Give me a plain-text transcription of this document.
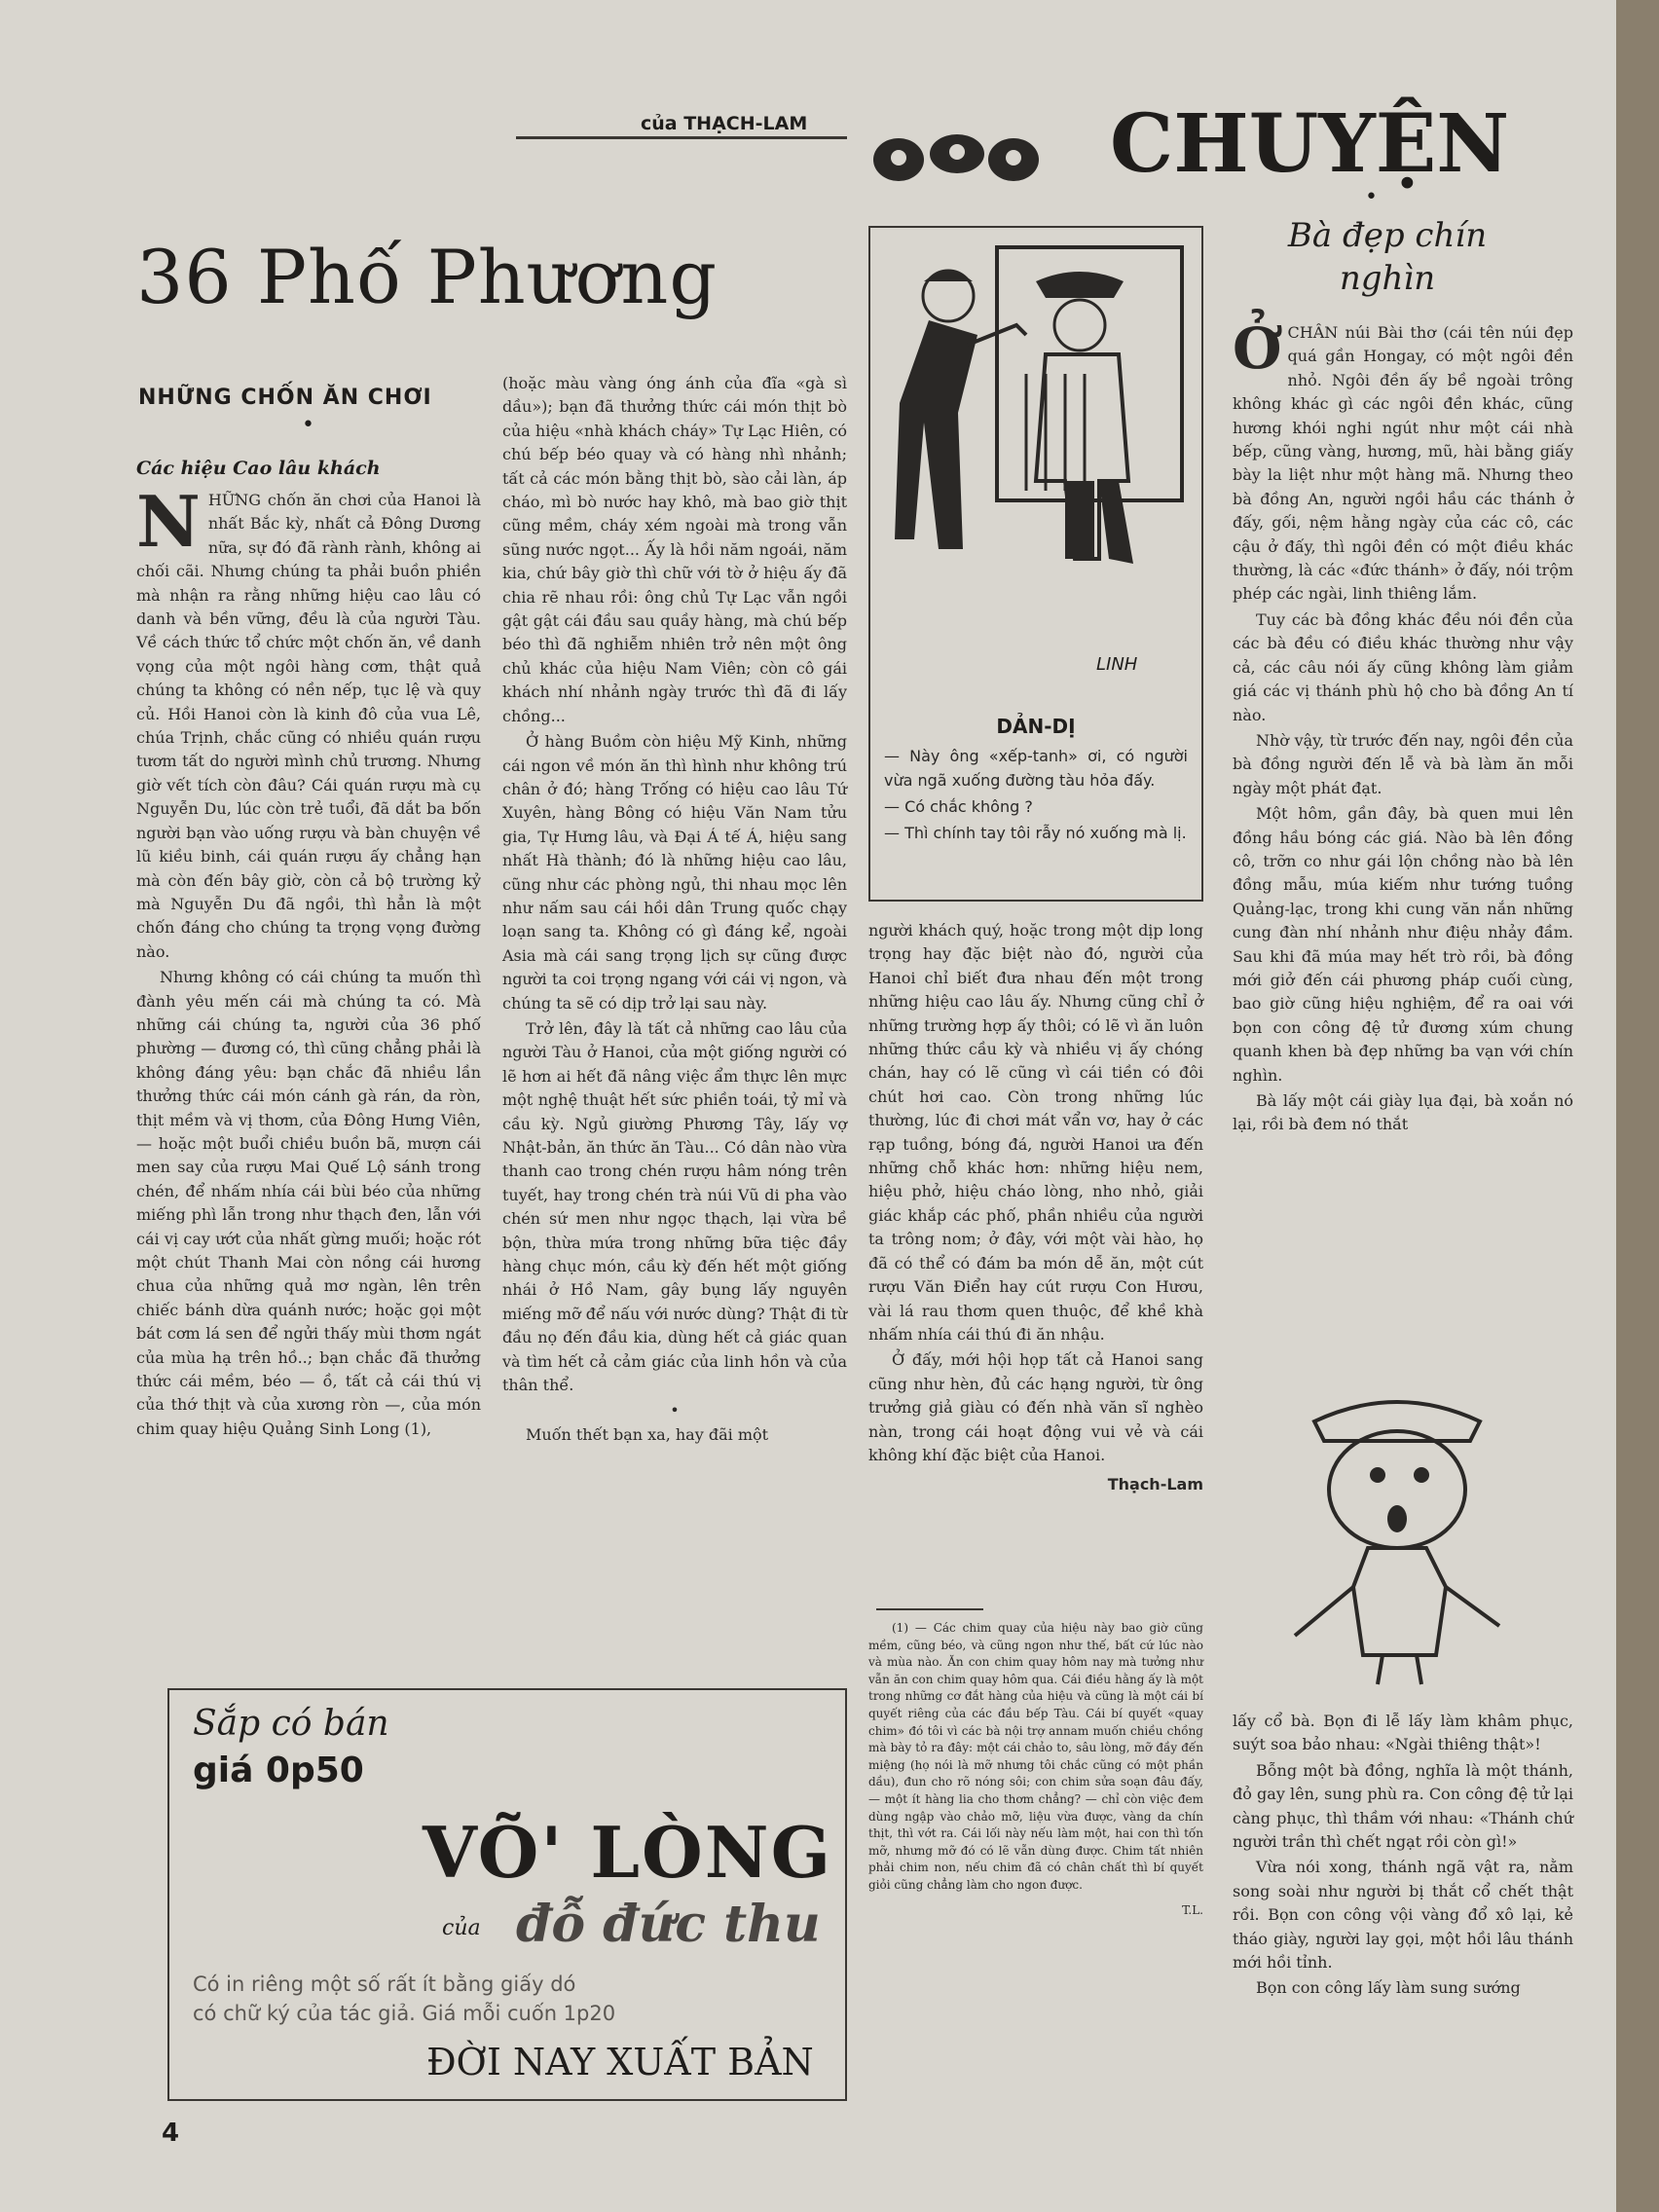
của THẠCH-LAM
36 Phố Phương
NHỮNG CHỐN ĂN CHƠI
•
Các hiệu Cao lâu khách
N HỮNG chốn ăn chơi của Hanoi là nhất Bắc kỳ, nhất cả Đông Dương nữa, sự đó đã rành rành, không ai chối cãi. Nhưng chúng ta phải buồn phiền mà nhận ra rằng những hiệu cao lâu có danh và bền vững, đều là của người Tàu. Về cách thức tổ chức một chốn ăn, về danh vọng của một ngôi hàng cơm, thật quả chúng ta không có nền nếp, tục lệ và quy củ. Hồi Hanoi còn là kinh đô của vua Lê, chúa Trịnh, chắc cũng có nhiều quán rượu tươm tất do người mình chủ trương. Nhưng giờ vết tích còn đâu? Cái quán rượu mà cụ Nguyễn Du, lúc còn trẻ tuổi, đã dắt ba bốn người bạn vào uống rượu và bàn chuyện về lũ kiều binh, cái quán rượu ấy chẳng hạn mà còn đến bây giờ, còn cả bộ trường kỷ mà Nguyễn Du đã ngồi, thì hẳn là một chốn đáng cho chúng ta trọng vọng đường nào.

Nhưng không có cái chúng ta muốn thì đành yêu mến cái mà chúng ta có. Mà những cái chúng ta, người của 36 phố phường — đương có, thì cũng chẳng phải là không đáng yêu: bạn chắc đã nhiều lần thưởng thức cái món cánh gà rán, da ròn, thịt mềm và vị thơm, của Đông Hưng Viên, — hoặc một buổi chiều buồn bã, mượn cái men say của rượu Mai Quế Lộ sánh trong chén, để nhấm nhía cái bùi béo của những miếng phì lẫn trong như thạch đen, lẫn với cái vị cay ướt của nhất gừng muối; hoặc rót một chút Thanh Mai còn nồng cái hương chua của những quả mơ ngàn, lên trên chiếc bánh dừa quánh nước; hoặc gọi một bát cơm lá sen để ngửi thấy mùi thơm ngát của mùa hạ trên hồ..; bạn chắc đã thưởng thức cái mềm, béo — ồ, tất cả cái thú vị của thớ thịt và của xương ròn —, của món chim quay hiệu Quảng Sinh Long (1),

(hoặc màu vàng óng ánh của đĩa «gà sì dầu»); bạn đã thưởng thức cái món thịt bò của hiệu «nhà khách cháy» Tự Lạc Hiên, có chú bếp béo quay và có hàng nhì nhảnh; tất cả các món bằng thịt bò, sào cải làn, áp cháo, mì bò nước hay khô, mà bao giờ thịt cũng mềm, cháy xém ngoài mà trong vẫn sũng nước ngọt... Ấy là hồi năm ngoái, năm kia, chứ bây giờ thì chữ với tờ ở hiệu ấy đã chia rẽ nhau rồi: ông chủ Tự Lạc vẫn ngồi gật gật cái đầu sau quầy hàng, mà chú bếp béo thì đã nghiễm nhiên trở nên một ông chủ khác của hiệu Nam Viên; còn cô gái khách nhí nhảnh ngày trước thì đã đi lấy chồng...

Ở hàng Buồm còn hiệu Mỹ Kinh, những cái ngon về món ăn thì hình như không trú chân ở đó; hàng Trống có hiệu cao lâu Tứ Xuyên, hàng Bông có hiệu Văn Nam tửu gia, Tự Hưng lâu, và Đại Á tế Á, hiệu sang nhất Hà thành; đó là những hiệu cao lâu, cũng như các phòng ngủ, thi nhau mọc lên như nấm sau cái hồi dân Trung quốc chạy loạn sang ta. Không có gì đáng kể, ngoài Asia mà cái sang trọng lịch sự cũng được người ta coi trọng ngang với cái vị ngon, và chúng ta sẽ có dịp trở lại sau này.

Trở lên, đây là tất cả những cao lâu của người Tàu ở Hanoi, của một giống người có lẽ hơn ai hết đã nâng việc ẩm thực lên mực một nghệ thuật hết sức phiền toái, tỷ mỉ và cầu kỳ. Ngủ giường Phương Tây, lấy vợ Nhật-bản, ăn thức ăn Tàu... Có dân nào vừa thanh cao trong chén rượu hâm nóng trên tuyết, hay trong chén trà núi Vũ di pha vào chén sứ men như ngọc thạch, lại vừa bề bộn, thừa mứa trong những bữa tiệc đầy hàng chục món, cầu kỳ đến hết một giống nhái ở Hồ Nam, gây bụng lấy nguyên miếng mỡ để nấu với nước dùng? Thật đi từ đầu nọ đến đầu kia, dùng hết cả giác quan và tìm hết cả cảm giác của linh hồn và của thân thể.

•

Muốn thết bạn xa, hay đãi một

LINH
DẢN-DỊ

— Này ông «xếp-tanh» ơi, có người vừa ngã xuống đường tàu hỏa đấy.

— Có chắc không ?

— Thì chính tay tôi rẫy nó xuống mà lị.

người khách quý, hoặc trong một dịp long trọng hay đặc biệt nào đó, người của Hanoi chỉ biết đưa nhau đến một trong những hiệu cao lâu ấy. Nhưng cũng chỉ ở những trường hợp ấy thôi; có lẽ vì ăn luôn những thức cầu kỳ và nhiều vị ấy chóng chán, hay có lẽ cũng vì cái tiền có đôi chút hơi cao. Còn trong những lúc thường, lúc đi chơi mát vẩn vơ, hay ở các rạp tuồng, bóng đá, người Hanoi ưa đến những chỗ khác hơn: những hiệu nem, hiệu phở, hiệu cháo lòng, nho nhỏ, giải giác khắp các phố, phần nhiều của người ta trông nom; ở đây, với một vài hào, họ đã có thể có đám ba món dễ ăn, một cút rượu Văn Điển hay cút rượu Con Hươu, vài lá rau thơm quen thuộc, để khề khà nhấm nhía cái thú đi ăn nhậu.

Ở đấy, mới hội họp tất cả Hanoi sang cũng như hèn, đủ các hạng người, từ ông trưởng giả giàu có đến nhà văn sĩ nghèo nàn, trong cái hoạt động vui vẻ và cái không khí đặc biệt của Hanoi.

Thạch-Lam

(1) — Các chim quay của hiệu này bao giờ cũng mềm, cũng béo, và cũng ngon như thế, bất cứ lúc nào và mùa nào. Ăn con chim quay hôm nay mà tưởng như vẫn ăn con chim quay hôm qua. Cái điều hằng ấy là một trong những cơ đắt hàng của hiệu và cũng là một cái bí quyết riêng của các đầu bếp Tàu. Cái bí quyết «quay chim» đó tôi vì các bà nội trợ annam muốn chiều chồng mà bày tỏ ra đây: một cái chảo to, sâu lòng, mỡ đầy đến miệng (họ nói là mỡ nhưng tôi chắc cũng có một phần dầu), đun cho rõ nóng sôi; con chim sửa soạn đâu đấy, — một ít hàng lia cho thơm chẳng? — chỉ còn việc đem dùng ngập vào chảo mỡ, liệu vừa được, vàng da chín thịt, thì vớt ra. Cái lối này nếu làm một, hai con thì tốn mỡ, nhưng mỡ đó có lẽ vẫn dùng được. Chim tất nhiên phải chim non, nếu chim đã có chân chất thì bí quyết giỏi cũng chẳng làm cho ngon được.

T.L.
CHUYỆN
•
Bà đẹp chín nghìn
Ở CHÂN núi Bài thơ (cái tên núi đẹp quá gần Hongay, có một ngôi đền nhỏ. Ngôi đền ấy bề ngoài trông không khác gì các ngôi đền khác, cũng hương khói nghi ngút như một cái nhà bếp, cũng vàng, hương, mũ, hài bằng giấy bày la liệt như một hàng mã. Nhưng theo bà đồng An, người ngồi hầu các thánh ở đấy, gối, nệm hằng ngày của các cô, các cậu ở đấy, thì ngôi đền có một điều khác thường, là các «đức thánh» ở đấy, nói trộm phép các ngài, linh thiêng lắm.

Tuy các bà đồng khác đều nói đền của các bà đều có điều khác thường như vậy cả, các câu nói ấy cũng không làm giảm giá các vị thánh phù hộ cho bà đồng An tí nào.

Nhờ vậy, từ trước đến nay, ngôi đền của bà đồng người đến lễ và bà làm ăn mỗi ngày một phát đạt.

Một hôm, gần đây, bà quen mui lên đồng hầu bóng các giá. Nào bà lên đồng cô, trỡn co như gái lộn chồng nào bà lên đồng mẫu, múa kiếm như tướng tuồng Quảng-lạc, trong khi cung văn nắn những cung đàn nhí nhảnh như điệu nhảy đầm. Sau khi đã múa may hết trò rồi, bà đồng mới giở đến cái phương pháp cuối cùng, bao giờ cũng hiệu nghiệm, để ra oai với bọn con công đệ tử đương xúm chung quanh khen bà đẹp những ba vạn với chín nghìn.

Bà lấy một cái giày lụa đại, bà xoắn nó lại, rồi bà đem nó thắt

lấy cổ bà. Bọn đi lễ lấy làm khâm phục, suýt soa bảo nhau: «Ngài thiêng thật»!

Bỗng một bà đồng, nghĩa là một thánh, đỏ gay lên, sung phù ra. Con công đệ tử lại càng phục, thì thầm với nhau: «Thánh chứ người trần thì chết ngạt rồi còn gì!»

Vừa nói xong, thánh ngã vật ra, nằm song soài như người bị thắt cổ chết thật rồi. Bọn con công vội vàng đổ xô lại, kẻ tháo giày, người lay gọi, một hồi lâu thánh mới hồi tỉnh.

Bọn con công lấy làm sung sướng

Sắp có bán
giá 0p50
VÕ' LÒNG
của đỗ đức thu
Có in riêng một số rất ít bằng giấy dó
có chữ ký của tác giả. Giá mỗi cuốn 1p20
ĐỜI NAY XUẤT BẢN
4
